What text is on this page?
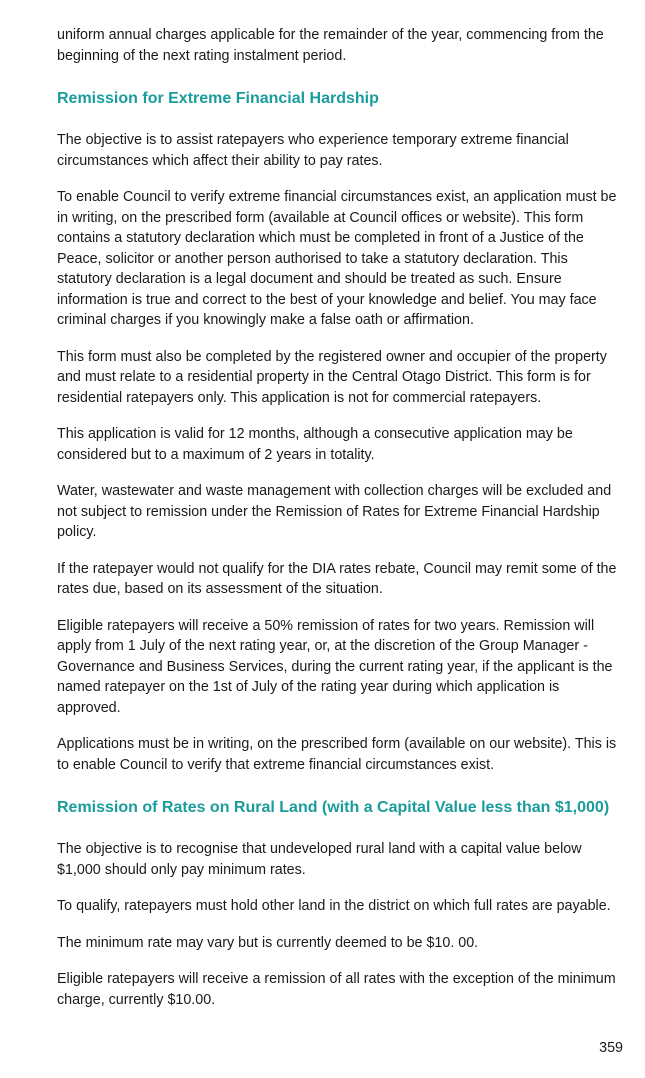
uniform annual charges applicable for the remainder of the year, commencing from the beginning of the next rating instalment period.

Remission for Extreme Financial Hardship

The objective is to assist ratepayers who experience temporary extreme financial circumstances which affect their ability to pay rates.

To enable Council to verify extreme financial circumstances exist, an application must be in writing, on the prescribed form (available at Council offices or website). This form contains a statutory declaration which must be completed in front of a Justice of the Peace, solicitor or another person authorised to take a statutory declaration. This statutory declaration is a legal document and should be treated as such. Ensure information is true and correct to the best of your knowledge and belief. You may face criminal charges if you knowingly make a false oath or affirmation.

This form must also be completed by the registered owner and occupier of the property and must relate to a residential property in the Central Otago District. This form is for residential ratepayers only. This application is not for commercial ratepayers.

This application is valid for 12 months, although a consecutive application may be considered but to a maximum of 2 years in totality.

Water, wastewater and waste management with collection charges will be excluded and not subject to remission under the Remission of Rates for Extreme Financial Hardship policy.

If the ratepayer would not qualify for the DIA rates rebate, Council may remit some of the rates due, based on its assessment of the situation.

Eligible ratepayers will receive a 50% remission of rates for two years. Remission will apply from 1 July of the next rating year, or, at the discretion of the Group Manager - Governance and Business Services, during the current rating year, if the applicant is the named ratepayer on the 1st of July of the rating year during which application is approved.

Applications must be in writing, on the prescribed form (available on our website). This is to enable Council to verify that extreme financial circumstances exist.

Remission of Rates on Rural Land (with a Capital Value less than $1,000)

The objective is to recognise that undeveloped rural land with a capital value below $1,000 should only pay minimum rates.

To qualify, ratepayers must hold other land in the district on which full rates are payable.

The minimum rate may vary but is currently deemed to be $10. 00.

Eligible ratepayers will receive a remission of all rates with the exception of the minimum charge, currently $10.00.

359
